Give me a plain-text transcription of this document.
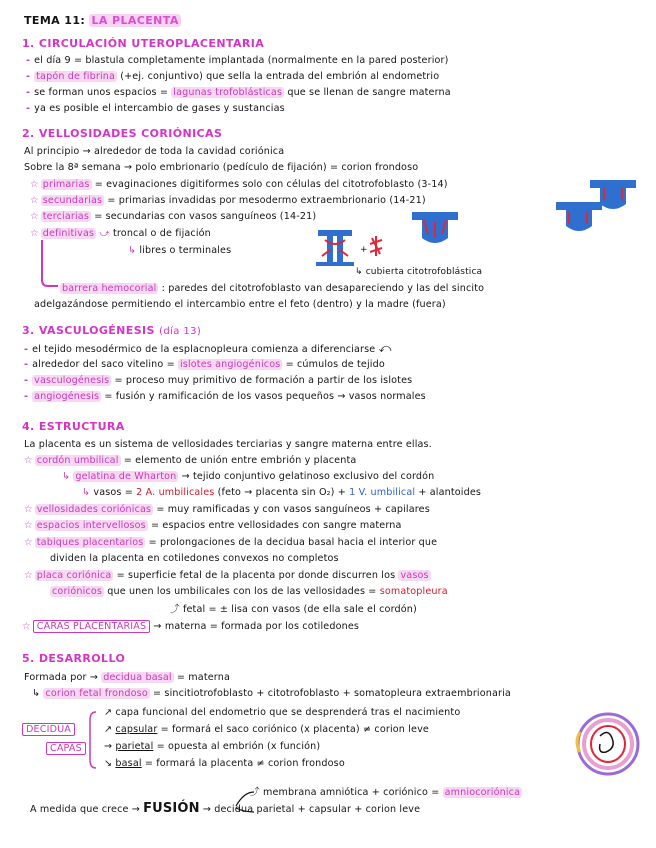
TEMA 11: LA PLACENTA
1. CIRCULACIÓN UTEROPLACENTARIA
- el día 9 = blastula completamente implantada (normalmente en la pared posterior)
- tapón de fibrina (+ej. conjuntivo) que sella la entrada del embrión al endometrio
- se forman unos espacios = lagunas trofoblásticas que se llenan de sangre materna
- ya es posible el intercambio de gases y sustancias
2. VELLOSIDADES CORIÓNICAS
Al principio → alrededor de toda la cavidad coriónica
Sobre la 8ª semana → polo embrionario (pedículo de fijación) = corion frondoso
☆ primarias = evaginaciones digitiformes solo con células del citotrofoblasto (3-14)
☆ secundarias = primarias invadidas por mesodermo extraembrionario (14-21)
☆ terciarias = secundarias con vasos sanguíneos (14-21)
☆ definitivas ⤻ troncal o de fijación
↳ libres o terminales
↳ cubierta citotrofoblástica
barrera hemocorial : paredes del citotrofoblasto van desapareciendo y las del sincito
adelgazándose permitiendo el intercambio entre el feto (dentro) y la madre (fuera)
3. VASCULOGÉNESIS (día 13)
- el tejido mesodérmico de la esplacnopleura comienza a diferenciarse ⤺
- alrededor del saco vitelino = islotes angiogénicos = cúmulos de tejido
- vasculogénesis = proceso muy primitivo de formación a partir de los islotes
- angiogénesis = fusión y ramificación de los vasos pequeños → vasos normales
4. ESTRUCTURA
La placenta es un sistema de vellosidades terciarias y sangre materna entre ellas.
☆ cordón umbilical = elemento de unión entre embrión y placenta
↳ gelatina de Wharton → tejido conjuntivo gelatinoso exclusivo del cordón
↳ vasos = 2 A. umbilicales (feto → placenta sin O₂) + 1 V. umbilical + alantoides
☆ vellosidades coriónicas = muy ramificadas y con vasos sanguíneos + capilares
☆ espacios intervellosos = espacios entre vellosidades con sangre materna
☆ tabiques placentarios = prolongaciones de la decidua basal hacia el interior que
dividen la placenta en cotiledones convexos no completos
☆ placa coriónica = superficie fetal de la placenta por donde discurren los vasos
coriónicos que unen los umbilicales con los de las vellosidades = somatopleura
⤴ fetal = ± lisa con vasos (de ella sale el cordón)
☆ CARAS PLACENTARIAS → materna = formada por los cotiledones
5. DESARROLLO
Formada por → decidua basal = materna
↳ corion fetal frondoso = sincitiotrofoblasto + citotrofoblasto + somatopleura extraembrionaria
DECIDUA
CAPAS
↗ capa funcional del endometrio que se desprenderá tras el nacimiento
↗ capsular = formará el saco coriónico (x placenta) ≠ corion leve
→ parietal = opuesta al embrión (x función)
↘ basal = formará la placenta ≠ corion frondoso
⤴ membrana amniótica + coriónico = amniocoriónica
A medida que crece → FUSIÓN → decidua parietal + capsular + corion leve
+
